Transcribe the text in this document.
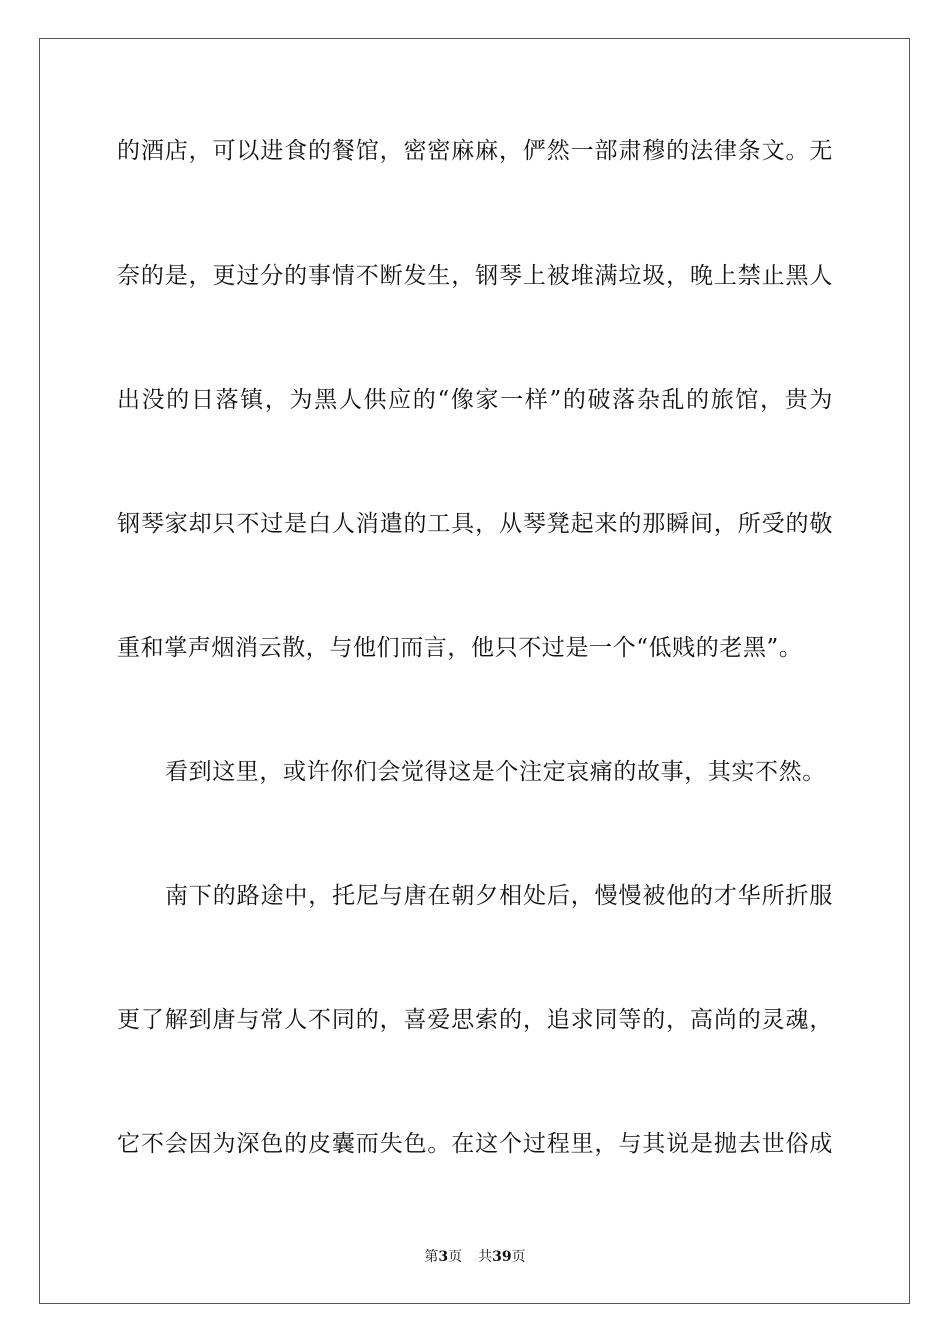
的酒店，可以进食的餐馆，密密麻麻，俨然一部肃穆的法律条文。无
奈的是，更过分的事情不断发生，钢琴上被堆满垃圾，晚上禁止黑人
出没的日落镇，为黑人供应的“像家一样”的破落杂乱的旅馆，贵为
钢琴家却只不过是白人消遣的工具，从琴凳起来的那瞬间，所受的敬
重和掌声烟消云散，与他们而言，他只不过是一个“低贱的老黑”。
看到这里，或许你们会觉得这是个注定哀痛的故事，其实不然。
南下的路途中，托尼与唐在朝夕相处后，慢慢被他的才华所折服
更了解到唐与常人不同的，喜爱思索的，追求同等的，高尚的灵魂，
它不会因为深色的皮囊而失色。在这个过程里，与其说是抛去世俗成
第3页 共39页
